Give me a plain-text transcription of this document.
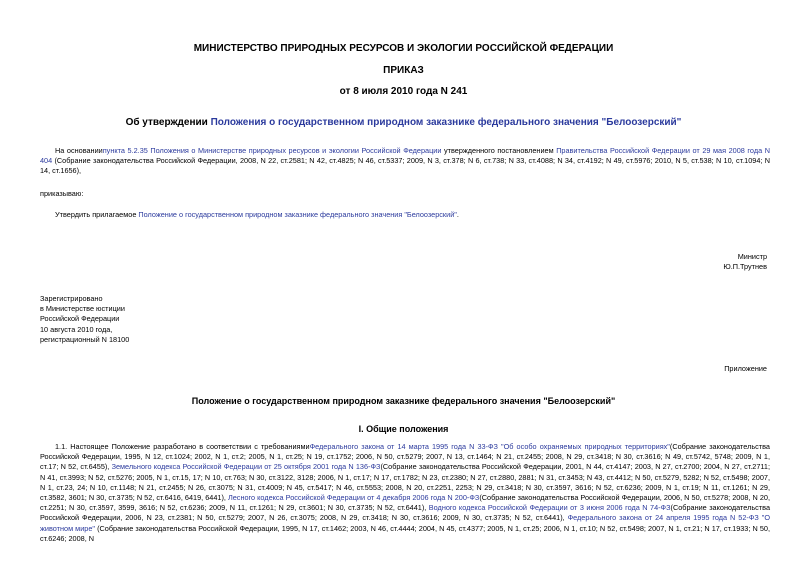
МИНИСТЕРСТВО ПРИРОДНЫХ РЕСУРСОВ И ЭКОЛОГИИ РОССИЙСКОЙ ФЕДЕРАЦИИ
ПРИКАЗ
от 8 июля 2010 года N 241
Об утверждении Положения о государственном природном заказнике федерального значения "Белоозерский"
На основаниипункта 5.2.35 Положения о Министерстве природных ресурсов и экологии Российской Федерации утвержденного постановлением Правительства Российской Федерации от 29 мая 2008 года N 404 (Собрание законодательства Российской Федерации, 2008, N 22, ст.2581; N 42, ст.4825; N 46, ст.5337; 2009, N 3, ст.378; N 6, ст.738; N 33, ст.4088; N 34, ст.4192; N 49, ст.5976; 2010, N 5, ст.538; N 10, ст.1094; N 14, ст.1656),
приказываю:
Утвердить прилагаемое Положение о государственном природном заказнике федерального значения "Белоозерский".
Министр
Ю.П.Трутнев
Зарегистрировано
в Министерстве юстиции
Российской Федерации
10 августа 2010 года,
регистрационный N 18100
Приложение
Положение о государственном природном заказнике федерального значения "Белоозерский"
I. Общие положения
1.1. Настоящее Положение разработано в соответствии с требованиямиФедерального закона от 14 марта 1995 года N 33-ФЗ "Об особо охраняемых природных территориях"(Собрание законодательства Российской Федерации, 1995, N 12, ст.1024; 2002, N 1, ст.2; 2005, N 1, ст.25; N 19, ст.1752; 2006, N 50, ст.5279; 2007, N 13, ст.1464; N 21, ст.2455; 2008, N 29, ст.3418; N 30, ст.3616; N 49, ст.5742, 5748; 2009, N 1, ст.17; N 52, ст.6455), Земельного кодекса Российской Федерации от 25 октября 2001 года N 136-ФЗ(Собрание законодательства Российской Федерации, 2001, N 44, ст.4147; 2003, N 27, ст.2700; 2004, N 27, ст.2711; N 41, ст.3993; N 52, ст.5276; 2005, N 1, ст.15, 17; N 10, ст.763; N 30, ст.3122, 3128; 2006, N 1, ст.17; N 17, ст.1782; N 23, ст.2380; N 27, ст.2880, 2881; N 31, ст.3453; N 43, ст.4412; N 50, ст.5279, 5282; N 52, ст.5498; 2007, N 1, ст.23, 24; N 10, ст.1148; N 21, ст.2455; N 26, ст.3075; N 31, ст.4009; N 45, ст.5417; N 46, ст.5553; 2008, N 20, ст.2251, 2253; N 29, ст.3418; N 30, ст.3597, 3616; N 52, ст.6236; 2009, N 1, ст.19; N 11, ст.1261; N 29, ст.3582, 3601; N 30, ст.3735; N 52, ст.6416, 6419, 6441), Лесного кодекса Российской Федерации от 4 декабря 2006 года N 200-ФЗ(Собрание законодательства Российской Федерации, 2006, N 50, ст.5278; 2008, N 20, ст.2251; N 30, ст.3597, 3599, 3616; N 52, ст.6236; 2009, N 11, ст.1261; N 29, ст.3601; N 30, ст.3735; N 52, ст.6441), Водного кодекса Российской Федерации от 3 июня 2006 года N 74-ФЗ(Собрание законодательства Российской Федерации, 2006, N 23, ст.2381; N 50, ст.5279; 2007, N 26, ст.3075; 2008, N 29, ст.3418; N 30, ст.3616; 2009, N 30, ст.3735; N 52, ст.6441), Федерального закона от 24 апреля 1995 года N 52-ФЗ "О животном мире" (Собрание законодательства Российской Федерации, 1995, N 17, ст.1462; 2003, N 46, ст.4444; 2004, N 45, ст.4377; 2005, N 1, ст.25; 2006, N 1, ст.10; N 52, ст.5498; 2007, N 1, ст.21; N 17, ст.1933; N 50, ст.6246; 2008, N
